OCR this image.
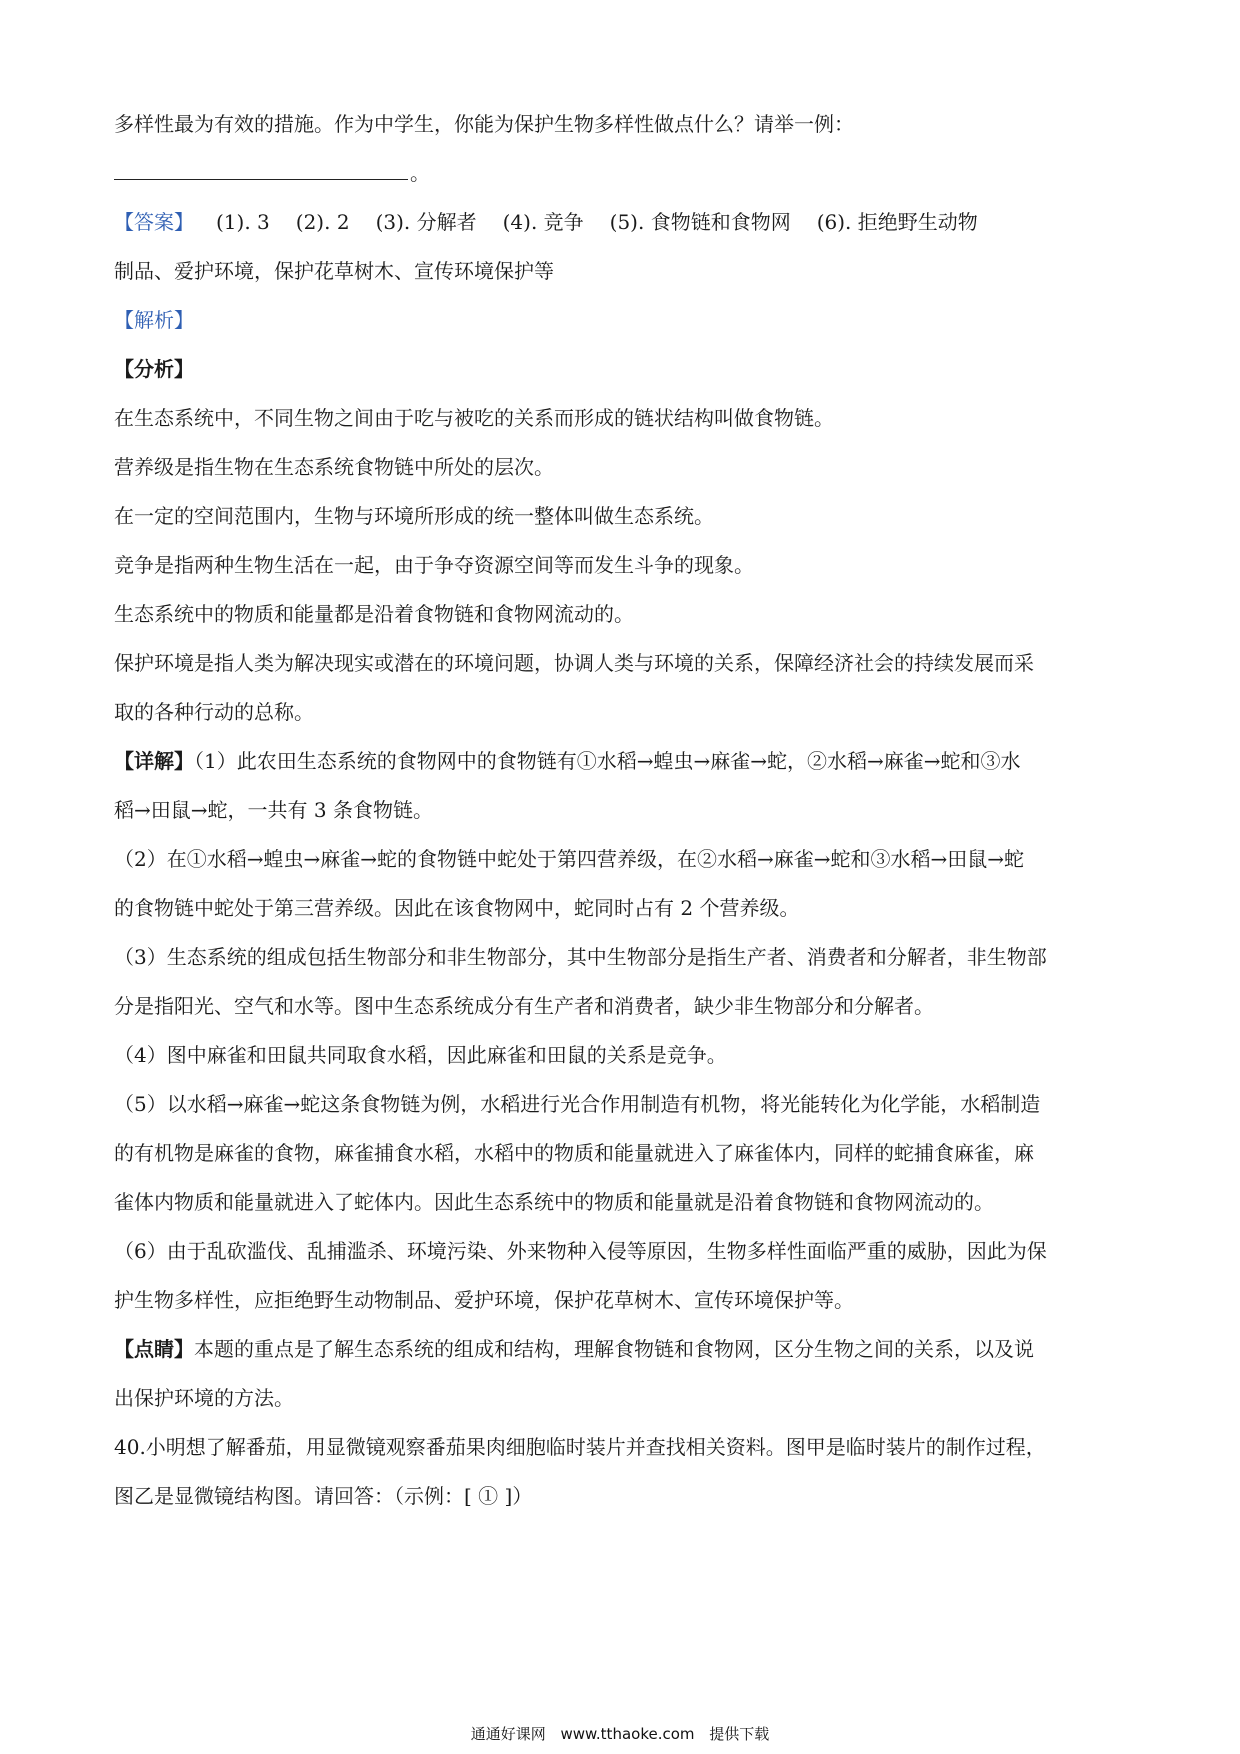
多样性最为有效的措施。作为中学生，你能为保护生物多样性做点什么？请举一例：
。
【答案】 (1). 3 (2). 2 (3). 分解者 (4). 竞争 (5). 食物链和食物网 (6). 拒绝野生动物
制品、爱护环境，保护花草树木、宣传环境保护等
【解析】
【分析】
在生态系统中，不同生物之间由于吃与被吃的关系而形成的链状结构叫做食物链。
营养级是指生物在生态系统食物链中所处的层次。
在一定的空间范围内，生物与环境所形成的统一整体叫做生态系统。
竞争是指两种生物生活在一起，由于争夺资源空间等而发生斗争的现象。
生态系统中的物质和能量都是沿着食物链和食物网流动的。
保护环境是指人类为解决现实或潜在的环境问题，协调人类与环境的关系，保障经济社会的持续发展而采
取的各种行动的总称。
【详解】（1）此农田生态系统的食物网中的食物链有①水稻→蝗虫→麻雀→蛇，②水稻→麻雀→蛇和③水
稻→田鼠→蛇，一共有 3 条食物链。
（2）在①水稻→蝗虫→麻雀→蛇的食物链中蛇处于第四营养级，在②水稻→麻雀→蛇和③水稻→田鼠→蛇
的食物链中蛇处于第三营养级。因此在该食物网中，蛇同时占有 2 个营养级。
（3）生态系统的组成包括生物部分和非生物部分，其中生物部分是指生产者、消费者和分解者，非生物部
分是指阳光、空气和水等。图中生态系统成分有生产者和消费者，缺少非生物部分和分解者。
（4）图中麻雀和田鼠共同取食水稻，因此麻雀和田鼠的关系是竞争。
（5）以水稻→麻雀→蛇这条食物链为例，水稻进行光合作用制造有机物，将光能转化为化学能，水稻制造
的有机物是麻雀的食物，麻雀捕食水稻，水稻中的物质和能量就进入了麻雀体内，同样的蛇捕食麻雀，麻
雀体内物质和能量就进入了蛇体内。因此生态系统中的物质和能量就是沿着食物链和食物网流动的。
（6）由于乱砍滥伐、乱捕滥杀、环境污染、外来物种入侵等原因，生物多样性面临严重的威胁，因此为保
护生物多样性，应拒绝野生动物制品、爱护环境，保护花草树木、宣传环境保护等。
【点睛】本题的重点是了解生态系统的组成和结构，理解食物链和食物网，区分生物之间的关系，以及说
出保护环境的方法。
40.小明想了解番茄，用显微镜观察番茄果肉细胞临时装片并查找相关资料。图甲是临时装片的制作过程，
图乙是显微镜结构图。请回答：（示例：[ ① ]）
通通好课网 www.tthaoke.com 提供下载
